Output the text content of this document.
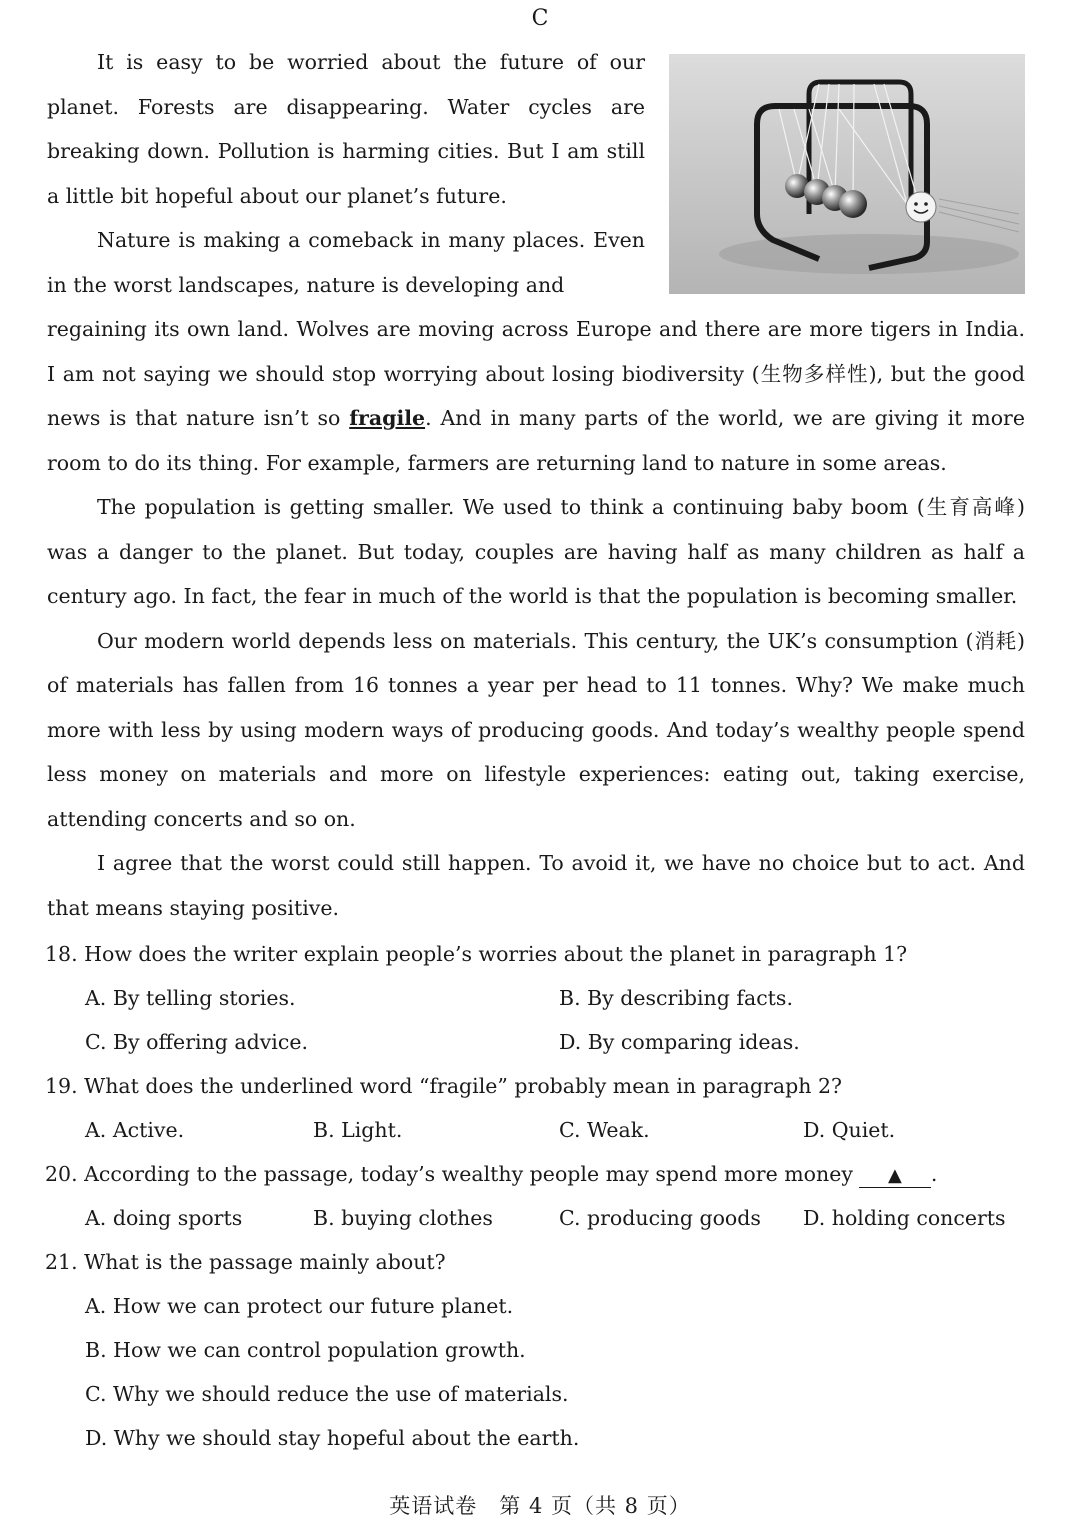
C

It is easy to be worried about the future of our planet. Forests are disappearing. Water cycles are breaking down. Pollution is harming cities. But I am still a little bit hopeful about our planet’s future.

Nature is making a comeback in many places. Even in the worst landscapes, nature is developing and

regaining its own land. Wolves are moving across Europe and there are more tigers in India. I am not saying we should stop worrying about losing biodiversity (生物多样性), but the good news is that nature isn’t so fragile. And in many parts of the world, we are giving it more room to do its thing. For example, farmers are returning land to nature in some areas.

The population is getting smaller. We used to think a continuing baby boom (生育高峰) was a danger to the planet. But today, couples are having half as many children as half a century ago. In fact, the fear in much of the world is that the population is becoming smaller.

Our modern world depends less on materials. This century, the UK’s consumption (消耗) of materials has fallen from 16 tonnes a year per head to 11 tonnes. Why? We make much more with less by using modern ways of producing goods. And today’s wealthy people spend less money on materials and more on lifestyle experiences: eating out, taking exercise, attending concerts and so on.

I agree that the worst could still happen. To avoid it, we have no choice but to act. And that means staying positive.

18. How does the writer explain people’s worries about the planet in paragraph 1?
A. By telling stories.	B. By describing facts.
C. By offering advice.	D. By comparing ideas.
19. What does the underlined word “fragile” probably mean in paragraph 2?
A. Active.	B. Light.	C. Weak.	D. Quiet.
20. According to the passage, today’s wealthy people may spend more money ▲ .
A. doing sports	B. buying clothes	C. producing goods D. holding concerts
21. What is the passage mainly about?
A. How we can protect our future planet.
B. How we can control population growth.
C. Why we should reduce the use of materials.
D. Why we should stay hopeful about the earth.
英语试卷　第 4 页（共 8 页）
